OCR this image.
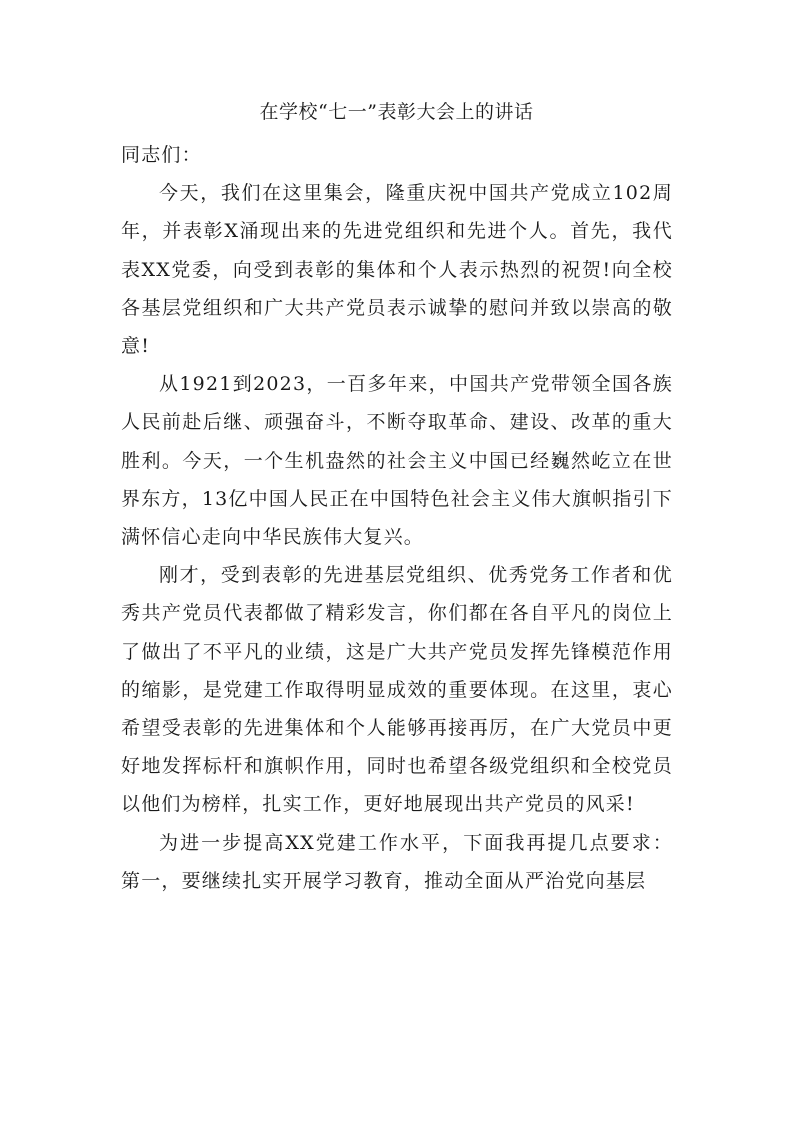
在学校“七一”表彰大会上的讲话

同志们：

今天，我们在这里集会，隆重庆祝中国共产党成立102周年，并表彰X涌现出来的先进党组织和先进个人。首先，我代表XX党委，向受到表彰的集体和个人表示热烈的祝贺!向全校各基层党组织和广大共产党员表示诚挚的慰问并致以崇高的敬意!

从1921到2023，一百多年来，中国共产党带领全国各族人民前赴后继、顽强奋斗，不断夺取革命、建设、改革的重大胜利。今天，一个生机盎然的社会主义中国已经巍然屹立在世界东方，13亿中国人民正在中国特色社会主义伟大旗帜指引下满怀信心走向中华民族伟大复兴。

刚才，受到表彰的先进基层党组织、优秀党务工作者和优秀共产党员代表都做了精彩发言，你们都在各自平凡的岗位上了做出了不平凡的业绩，这是广大共产党员发挥先锋模范作用的缩影，是党建工作取得明显成效的重要体现。在这里，衷心希望受表彰的先进集体和个人能够再接再厉，在广大党员中更好地发挥标杆和旗帜作用，同时也希望各级党组织和全校党员以他们为榜样，扎实工作，更好地展现出共产党员的风采!

为进一步提高XX党建工作水平，下面我再提几点要求：第一，要继续扎实开展学习教育，推动全面从严治党向基层
